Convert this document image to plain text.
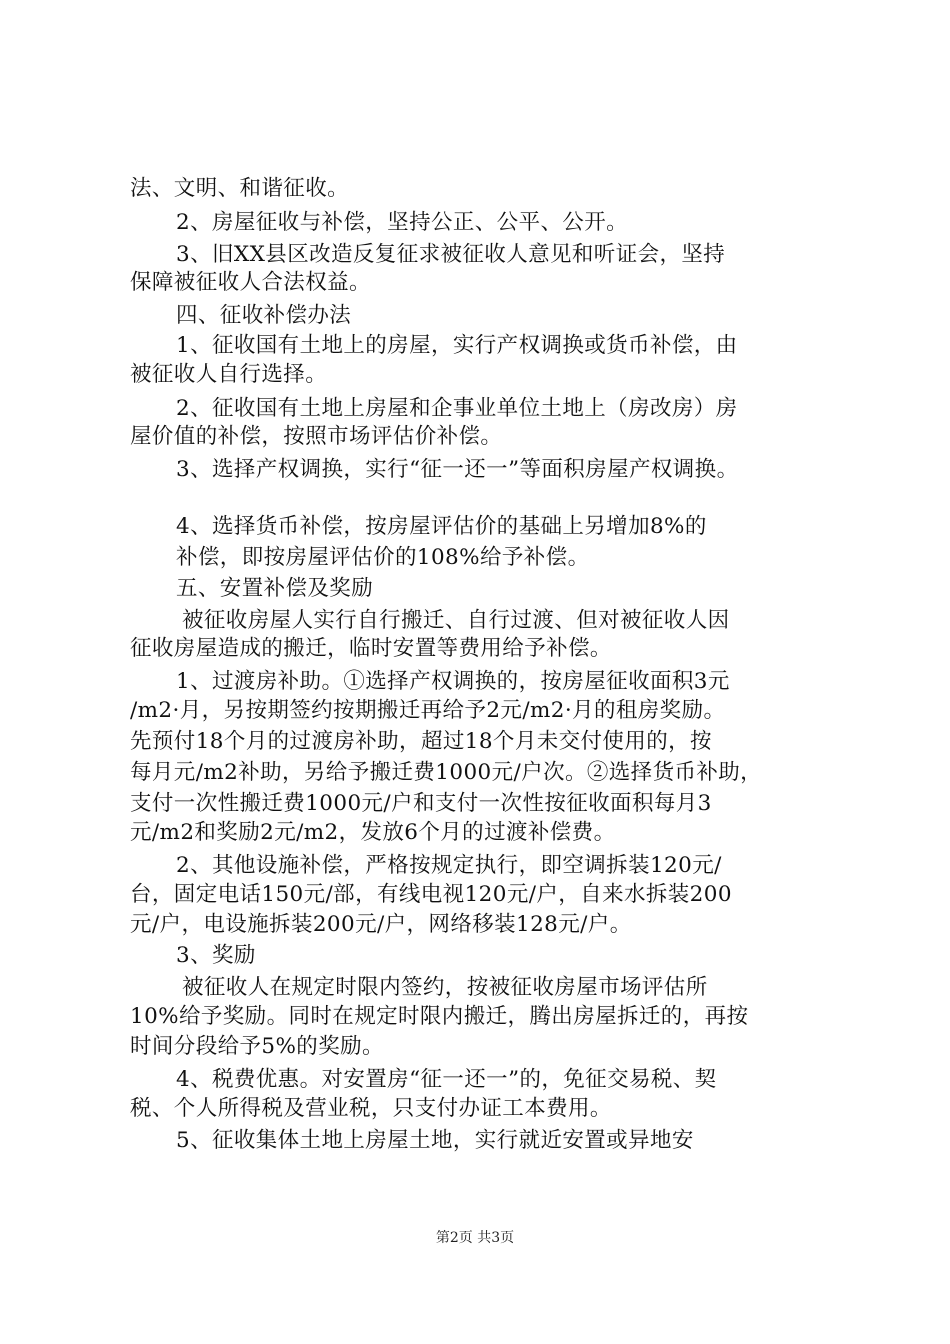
法、文明、和谐征收。
2、房屋征收与补偿，坚持公正、公平、公开。
3、旧XX县区改造反复征求被征收人意见和听证会，坚持
保障被征收人合法权益。
四、征收补偿办法
1、征收国有土地上的房屋，实行产权调换或货币补偿，由
被征收人自行选择。
2、征收国有土地上房屋和企事业单位土地上（房改房）房
屋价值的补偿，按照市场评估价补偿。
3、选择产权调换，实行“征一还一”等面积房屋产权调换。
4、选择货币补偿，按房屋评估价的基础上另增加8%的
补偿，即按房屋评估价的108%给予补偿。
五、安置补偿及奖励
被征收房屋人实行自行搬迁、自行过渡、但对被征收人因
征收房屋造成的搬迁，临时安置等费用给予补偿。
1、过渡房补助。①选择产权调换的，按房屋征收面积3元
/m2·月，另按期签约按期搬迁再给予2元/m2·月的租房奖励。
先预付18个月的过渡房补助，超过18个月未交付使用的，按
每月元/m2补助，另给予搬迁费1000元/户次。②选择货币补助，
支付一次性搬迁费1000元/户和支付一次性按征收面积每月3
元/m2和奖励2元/m2，发放6个月的过渡补偿费。
2、其他设施补偿，严格按规定执行，即空调拆装120元/
台，固定电话150元/部，有线电视120元/户，自来水拆装200
元/户，电设施拆装200元/户，网络移装128元/户。
3、奖励
被征收人在规定时限内签约，按被征收房屋市场评估所
10%给予奖励。同时在规定时限内搬迁，腾出房屋拆迁的，再按
时间分段给予5%的奖励。
4、税费优惠。对安置房“征一还一”的，免征交易税、契
税、个人所得税及营业税，只支付办证工本费用。
5、征收集体土地上房屋土地，实行就近安置或异地安
第2页 共3页
